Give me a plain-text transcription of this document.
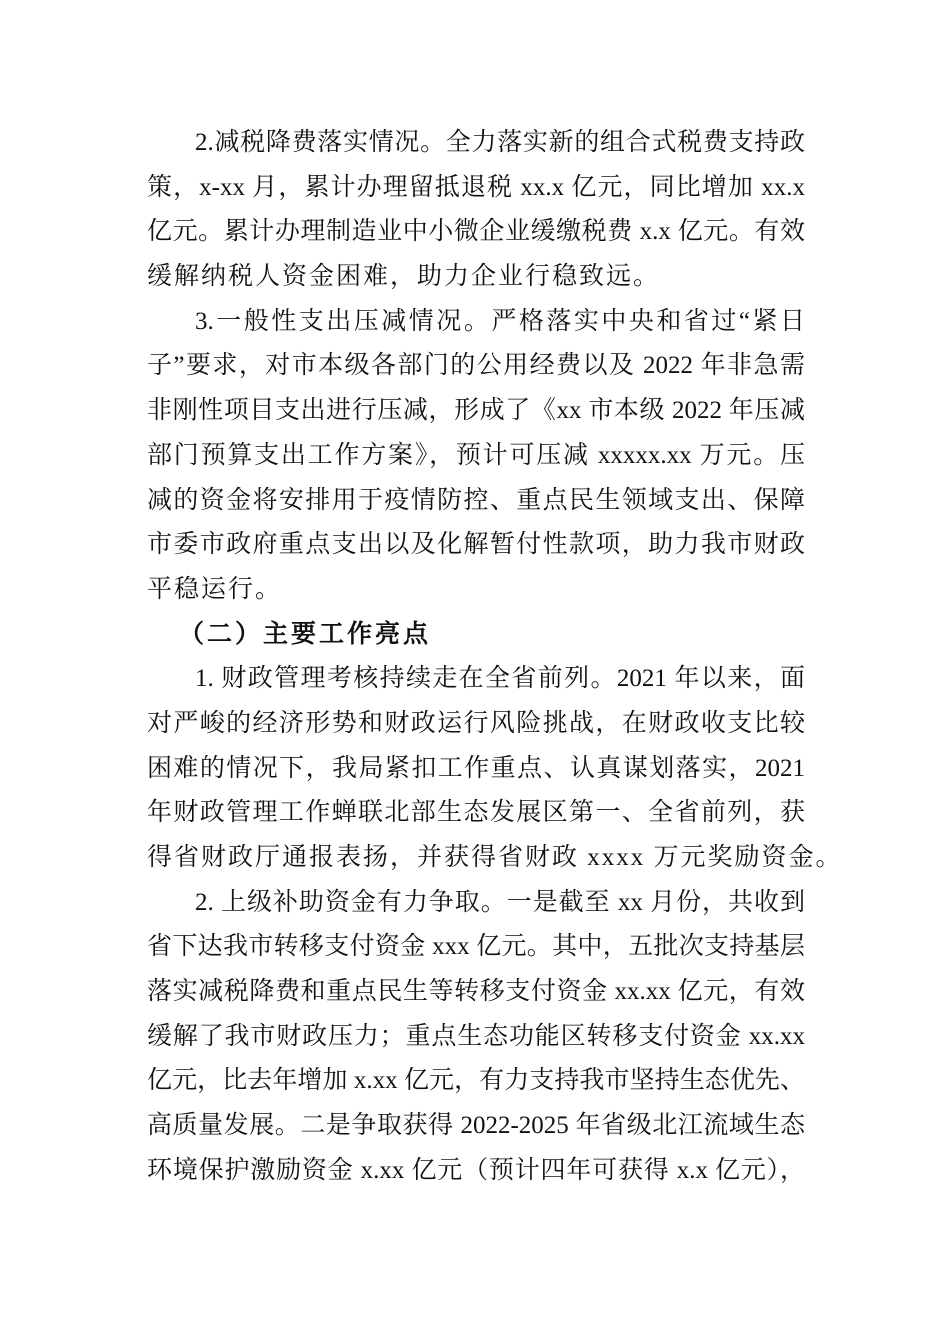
2.减税降费落实情况。全力落实新的组合式税费支持政
策，x-xx 月，累计办理留抵退税 xx.x 亿元，同比增加 xx.x
亿元。累计办理制造业中小微企业缓缴税费 x.x 亿元。有效
缓解纳税人资金困难，助力企业行稳致远。
3.一般性支出压减情况。严格落实中央和省过“紧日
子”要求，对市本级各部门的公用经费以及 2022 年非急需
非刚性项目支出进行压减，形成了《xx 市本级 2022 年压减
部门预算支出工作方案》，预计可压减 xxxxx.xx 万元。压
减的资金将安排用于疫情防控、重点民生领域支出、保障
市委市政府重点支出以及化解暂付性款项，助力我市财政
平稳运行。
（二）主要工作亮点
1. 财政管理考核持续走在全省前列。2021 年以来，面
对严峻的经济形势和财政运行风险挑战，在财政收支比较
困难的情况下，我局紧扣工作重点、认真谋划落实，2021
年财政管理工作蝉联北部生态发展区第一、全省前列，获
得省财政厅通报表扬，并获得省财政 xxxx 万元奖励资金。
2. 上级补助资金有力争取。一是截至 xx 月份，共收到
省下达我市转移支付资金 xxx 亿元。其中，五批次支持基层
落实减税降费和重点民生等转移支付资金 xx.xx 亿元，有效
缓解了我市财政压力；重点生态功能区转移支付资金 xx.xx
亿元，比去年增加 x.xx 亿元，有力支持我市坚持生态优先、
高质量发展。二是争取获得 2022-2025 年省级北江流域生态
环境保护激励资金 x.xx 亿元（预计四年可获得 x.x 亿元），
